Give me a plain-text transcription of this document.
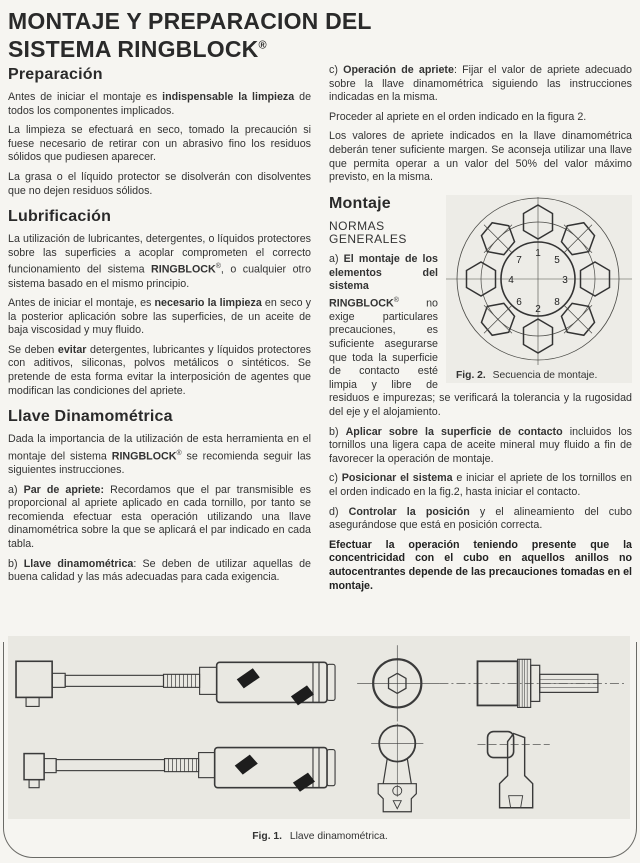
MONTAJE Y PREPARACION DEL
SISTEMA RINGBLOCK®
Preparación

Antes de iniciar el montaje es indispensable la limpieza de todos los componentes implicados.

La limpieza se efectuará en seco, tomado la precaución si fuese necesario de retirar con un abrasivo fino los residuos sólidos que pudiesen aparecer.

La grasa o el líquido protector se disolverán con disolventes que no dejen residuos sólidos.

Lubrificación

La utilización de lubricantes, detergentes, o líquidos protectores sobre las superficies a acoplar comprometen el correcto funcionamiento del sistema RINGBLOCK®, o cualquier otro sistema basado en el mismo principio.

Antes de iniciar el montaje, es necesario la limpieza en seco y la posterior aplicación sobre las superficies, de un aceite de baja viscosidad y muy fluido.

Se deben evitar detergentes, lubricantes y líquidos protectores con aditivos, siliconas, polvos metálicos o sintéticos. Se pretende de esta forma evitar la interposición de agentes que modifican las condiciones del apriete.

Llave Dinamométrica

Dada la importancia de la utilización de esta herramienta en el montaje del sistema RINGBLOCK® se recomienda seguir las siguientes instrucciones.

a) Par de apriete: Recordamos que el par transmisible es proporcional al apriete aplicado en cada tornillo, por tanto se recomienda efectuar esta operación utilizando una llave dinamométrica sobre la que se aplicará el par indicado en cada tabla.

b) Llave dinamométrica: Se deben de utilizar aquellas de buena calidad y las más adecuadas para cada exigencia.

c) Operación de apriete: Fijar el valor de apriete adecuado sobre la llave dinamométrica siguiendo las instrucciones indicadas en la misma.

Proceder al apriete en el orden indicado en la figura 2.

Los valores de apriete indicados en la llave dinamométrica deberán tener suficiente margen. Se aconseja utilizar una llave que permita operar a un valor del 50% del valor máximo previsto, en la misma.

1
2
3
4
5
7
6	8
Fig. 2. Secuencia de montaje.
Montaje
NORMAS GENERALES

a) El montaje de los elementos del sistema RINGBLOCK® no exige particulares precauciones, es suficiente asegurarse que toda la superficie de contacto esté limpia y libre de residuos e impurezas; se verificará la tolerancia y la rugosidad del eje y el alojamiento.

b) Aplicar sobre la superficie de contacto incluidos los tornillos una ligera capa de aceite mineral muy fluido a fin de favorecer la operación de montaje.

c) Posicionar el sistema e iniciar el apriete de los tornillos en el orden indicado en la fig.2, hasta iniciar el contacto.

d) Controlar la posición y el alineamiento del cubo asegurándose que está en posición correcta.

Efectuar la operación teniendo presente que la concentricidad con el cubo en aquellos anillos no autocentrantes depende de las precauciones tomadas en el montaje.

Fig. 1. Llave dinamométrica.
